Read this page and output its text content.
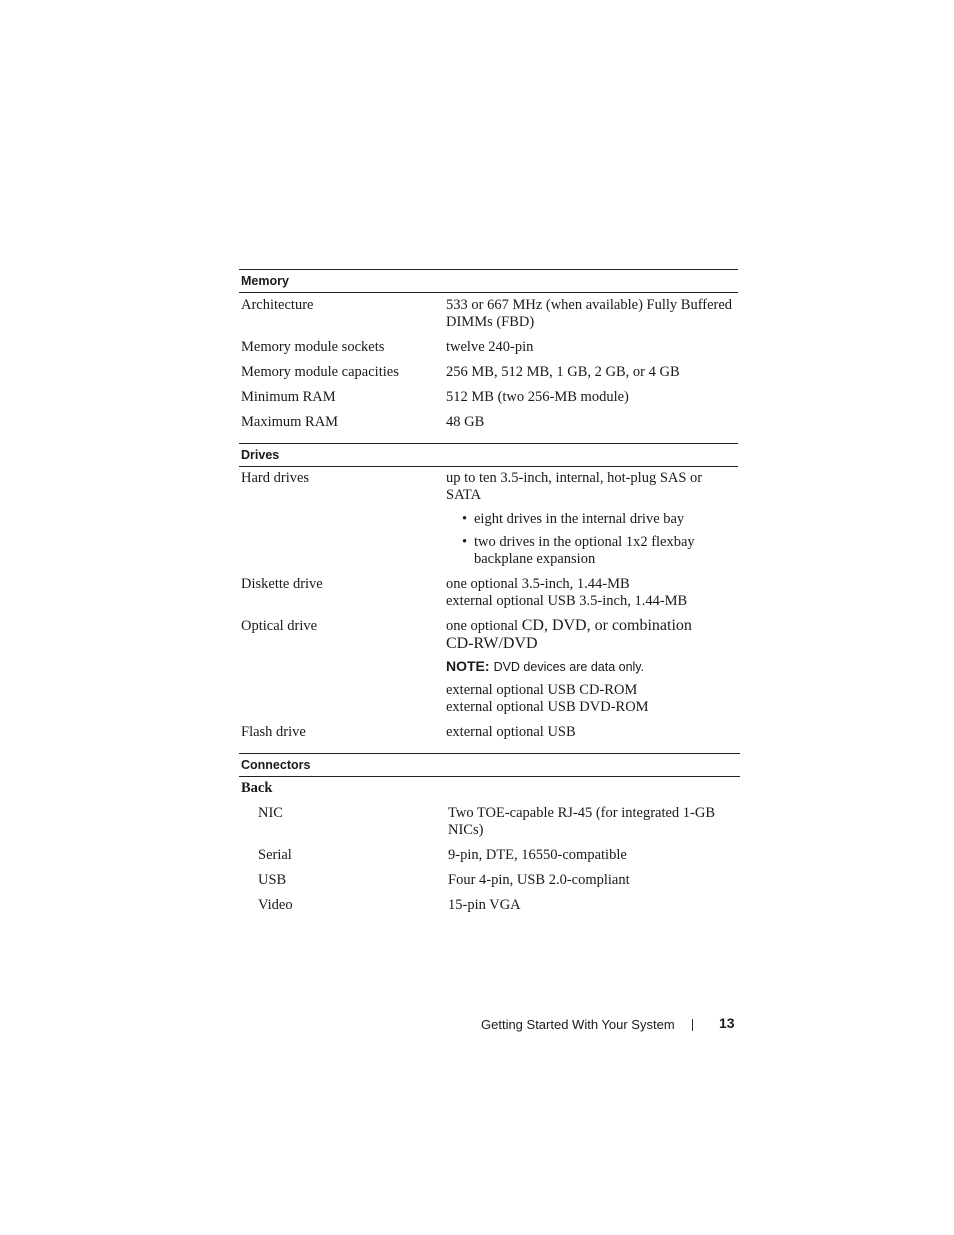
Memory
Architecture	533 or 667 MHz (when available) Fully Buffered
DIMMs (FBD)
Memory module sockets	twelve 240-pin
Memory module capacities	256 MB, 512 MB, 1 GB, 2 GB, or 4 GB
Minimum RAM	512 MB (two 256-MB module)
Maximum RAM	48 GB
Drives
Hard drives	up to ten 3.5-inch, internal, hot-plug SAS or
SATA
• eight drives in the internal drive bay
• two drives in the optional 1x2 flexbay
backplane expansion
Diskette drive	one optional 3.5-inch, 1.44-MB
external optional USB 3.5-inch, 1.44-MB
Optical drive	one optional CD, DVD, or combination
CD-RW/DVD
NOTE: DVD devices are data only.
external optional USB CD-ROM
external optional USB DVD-ROM
Flash drive	external optional USB
Connectors
Back
NIC	Two TOE-capable RJ-45 (for integrated 1-GB
NICs)
Serial	9-pin, DTE, 16550-compatible
USB	Four 4-pin, USB 2.0-compliant
Video	15-pin VGA
Getting Started With Your System	13
